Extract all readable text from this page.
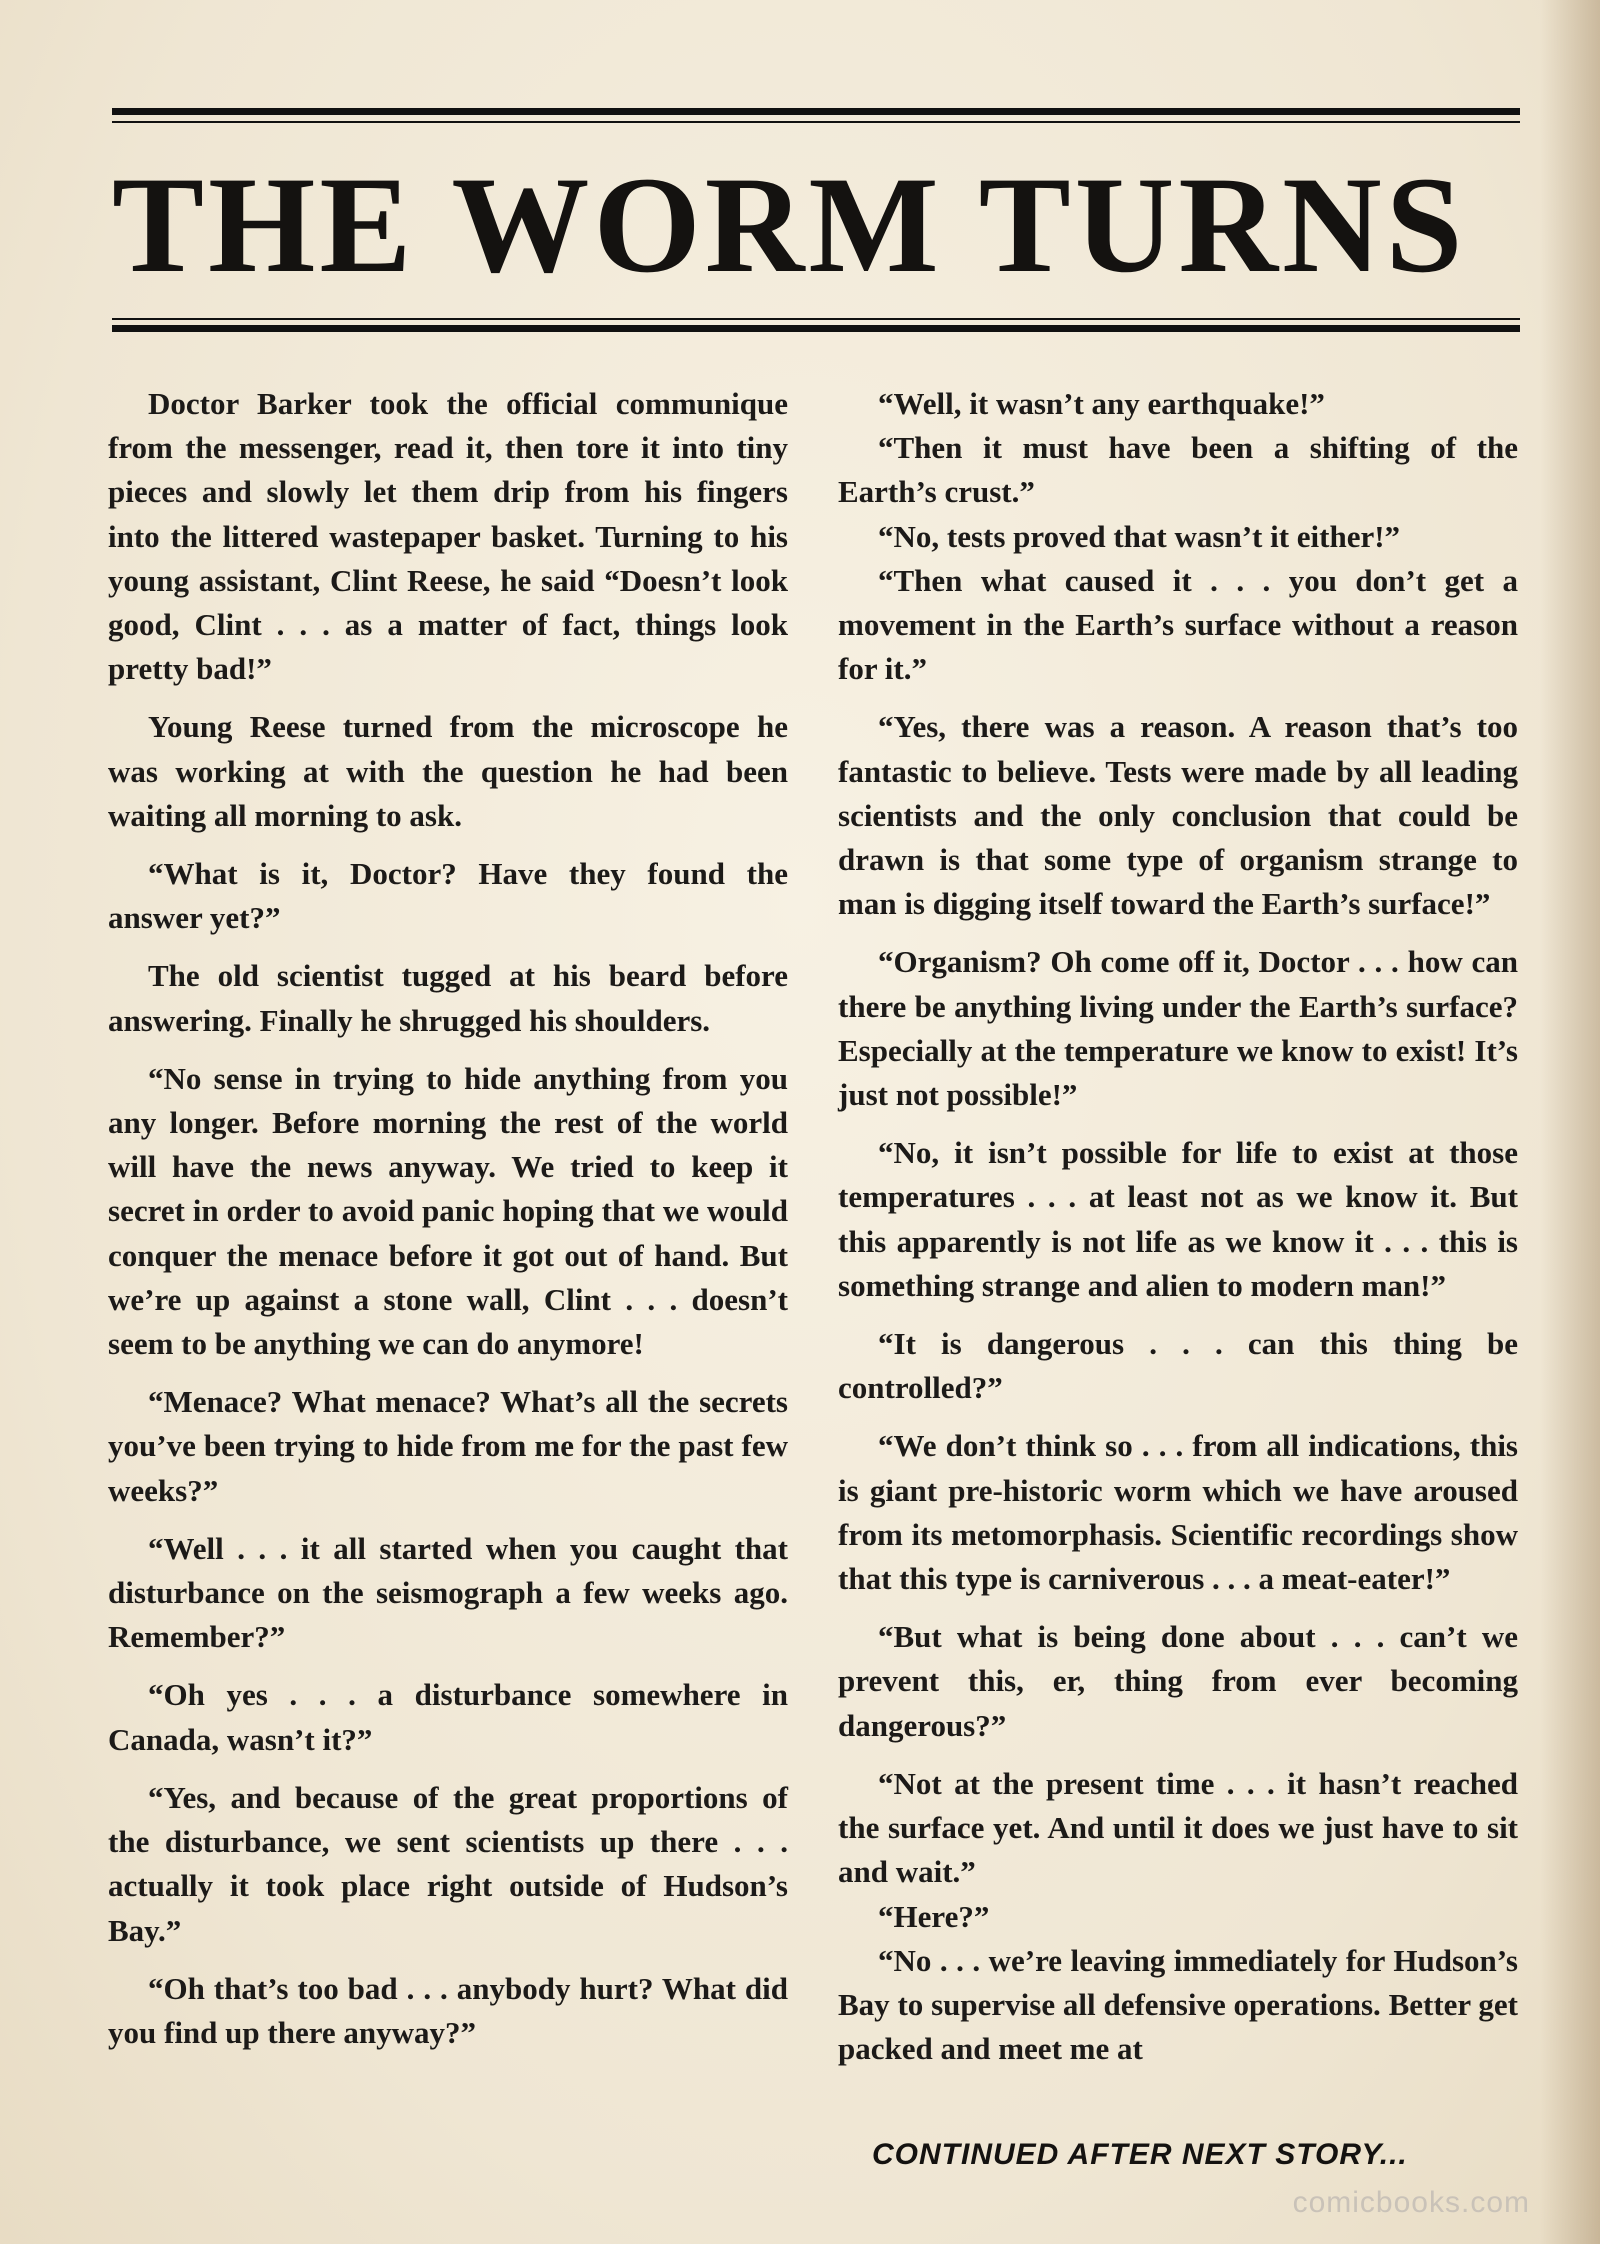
THE WORM TURNS

Doctor Barker took the official communique from the messenger, read it, then tore it into tiny pieces and slowly let them drip from his fingers into the littered wastepaper basket. Turning to his young assistant, Clint Reese, he said “Doesn’t look good, Clint . . . as a matter of fact, things look pretty bad!”

Young Reese turned from the microscope he was working at with the question he had been waiting all morning to ask.

“What is it, Doctor? Have they found the answer yet?”

The old scientist tugged at his beard before answering. Finally he shrugged his shoulders.

“No sense in trying to hide anything from you any longer. Before morning the rest of the world will have the news anyway. We tried to keep it secret in order to avoid panic hoping that we would conquer the menace before it got out of hand. But we’re up against a stone wall, Clint . . . doesn’t seem to be anything we can do anymore!

“Menace? What menace? What’s all the secrets you’ve been trying to hide from me for the past few weeks?”

“Well . . . it all started when you caught that disturbance on the seismograph a few weeks ago. Remember?”

“Oh yes . . . a disturbance somewhere in Canada, wasn’t it?”

“Yes, and because of the great proportions of the disturbance, we sent scientists up there . . . actually it took place right outside of Hudson’s Bay.”

“Oh that’s too bad . . . anybody hurt? What did you find up there anyway?”

“Well, it wasn’t any earthquake!”

“Then it must have been a shifting of the Earth’s crust.”

“No, tests proved that wasn’t it either!”

“Then what caused it . . . you don’t get a movement in the Earth’s surface without a reason for it.”

“Yes, there was a reason. A reason that’s too fantastic to believe. Tests were made by all leading scientists and the only conclusion that could be drawn is that some type of organism strange to man is digging itself toward the Earth’s surface!”

“Organism? Oh come off it, Doctor . . . how can there be anything living under the Earth’s surface? Especially at the temperature we know to exist! It’s just not possible!”

“No, it isn’t possible for life to exist at those temperatures . . . at least not as we know it. But this apparently is not life as we know it . . . this is something strange and alien to modern man!”

“It is dangerous . . . can this thing be controlled?”

“We don’t think so . . . from all indications, this is giant pre-historic worm which we have aroused from its metomorphasis. Scientific recordings show that this type is carniverous . . . a meat-eater!”

“But what is being done about . . . can’t we prevent this, er, thing from ever becoming dangerous?”

“Not at the present time . . . it hasn’t reached the surface yet. And until it does we just have to sit and wait.”

“Here?”

“No . . . we’re leaving immediately for Hudson’s Bay to supervise all defensive operations. Better get packed and meet me at

CONTINUED AFTER NEXT STORY...
comicbooks.com
